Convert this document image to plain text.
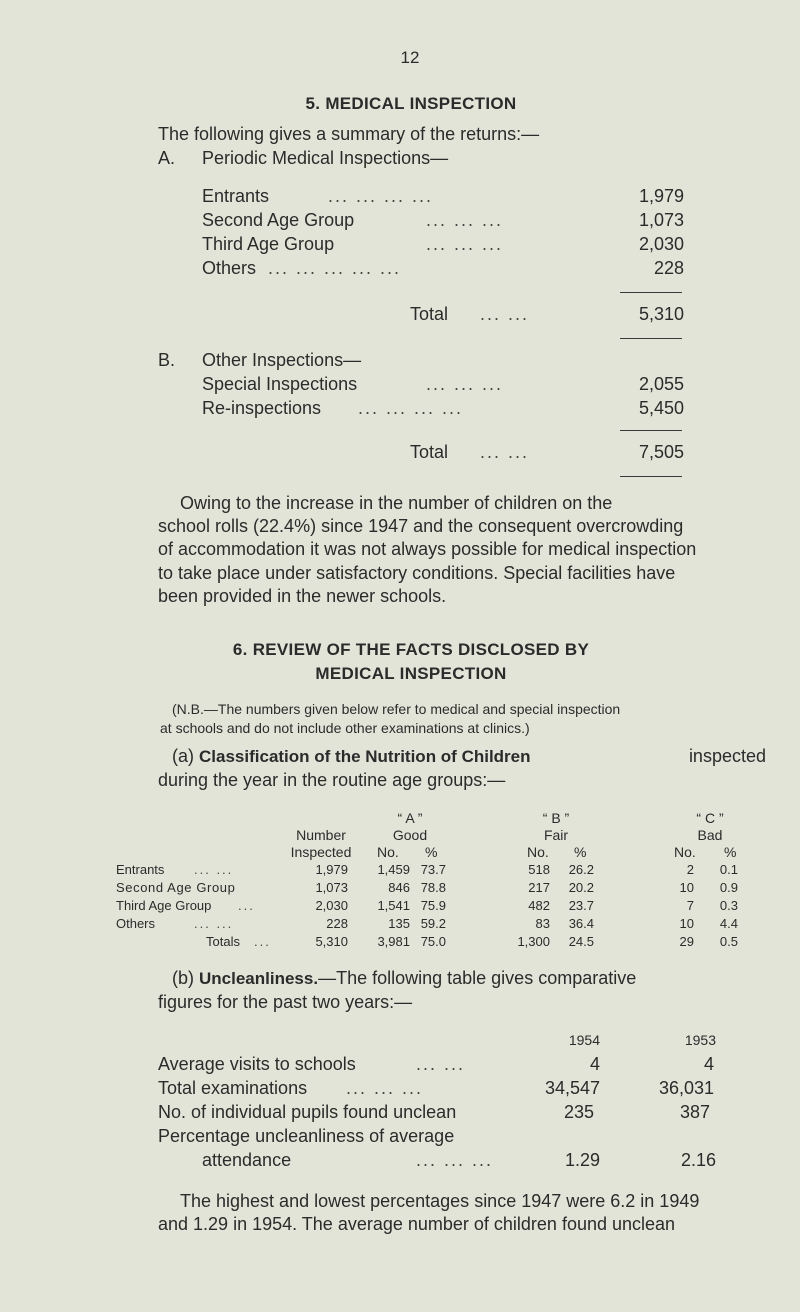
12
5. MEDICAL INSPECTION
The following gives a summary of the returns:—
A. Periodic Medical Inspections—
Entrants	... ... ... ...	1,979
Second Age Group	... ... ...	1,073
Third Age Group	... ... ...	2,030
Others ... ... ... ... ...	228
Total ... ...	5,310
B. Other Inspections—
Special Inspections	... ... ...	2,055
Re-inspections ... ... ... ...	5,450
Total ... ...	7,505
Owing to the increase in the number of children on the
school rolls (22.4%) since 1947 and the consequent overcrowding
of accommodation it was not always possible for medical inspection
to take place under satisfactory conditions. Special facilities have
been provided in the newer schools.
6. REVIEW OF THE FACTS DISCLOSED BY
MEDICAL INSPECTION
(N.B.—The numbers given below refer to medical and special inspection
at schools and do not include other examinations at clinics.)
(a) Classification of the Nutrition of Children	inspected
during the year in the routine age groups:—
“ A ”	“ B ”	“ C ”
Number	Good	Fair	Bad
Inspected	No. %	No. %	No. %
Entrants ... ...	1,979	1,459 73.7	518	26.2	2	0.1
Second Age Group	1,073	846 78.8	217	20.2	10	0.9
Third Age Group ...	2,030	1,541 75.9	482	23.7	7	0.3
Others	... ...	228	135 59.2	83	36.4	10	4.4
Totals ...	5,310	3,981 75.0	1,300	24.5	29	0.5
(b) Uncleanliness.—The following table gives comparative
figures for the past two years:—
1954	1953
Average visits to schools	... ...	4	4
Total examinations ... ... ...	34,547	36,031
No. of individual pupils found unclean	235	387
Percentage uncleanliness of average
attendance	... ... ...	1.29	2.16
The highest and lowest percentages since 1947 were 6.2 in 1949
and 1.29 in 1954. The average number of children found unclean
